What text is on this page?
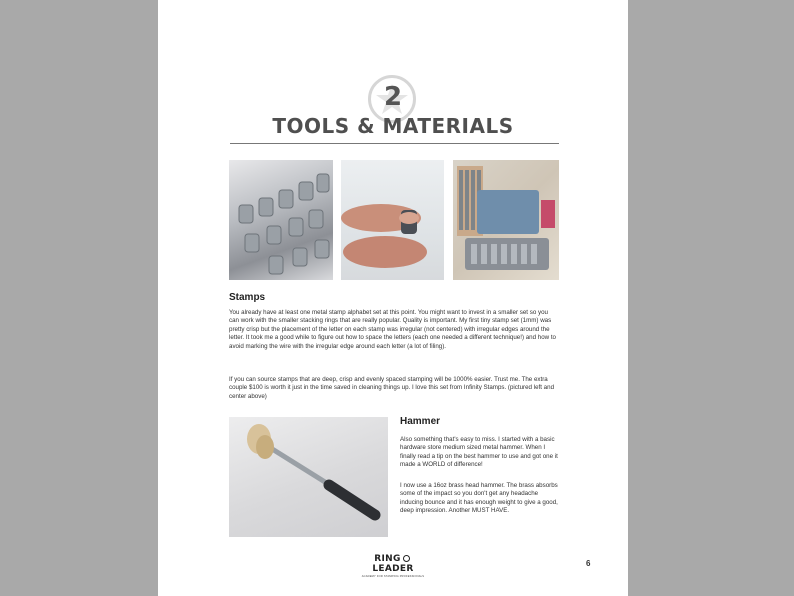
2
TOOLS & MATERIALS
Stamps

You already have at least one metal stamp alphabet set at this point. You might want to invest in a smaller set so you can work with the smaller stacking rings that are really popular. Quality is important. My first tiny stamp set (1mm) was pretty crisp but the placement of the letter on each stamp was irregular (not centered) with irregular edges around the letter. It took me a good while to figure out how to space the letters (each one needed a different technique!) and how to avoid marking the wire with the irregular edge around each letter (a lot of filing).

If you can source stamps that are deep, crisp and evenly spaced stamping will be 1000% easier. Trust me. The extra couple $100 is worth it just in the time saved in cleaning things up. I love this set from Infinity Stamps. (pictured left and center above)

Hammer

Also something that's easy to miss. I started with a basic hardware store medium sized metal hammer. When I finally read a tip on the best hammer to use and got one it made a WORLD of difference!

I now use a 16oz brass head hammer. The brass absorbs some of the impact so you don't get any headache inducing bounce and it has enough weight to give a good, deep impression. Another MUST HAVE.

RINGLEADER
ACADEMY FOR STAMPING PROFESSIONALS
6
